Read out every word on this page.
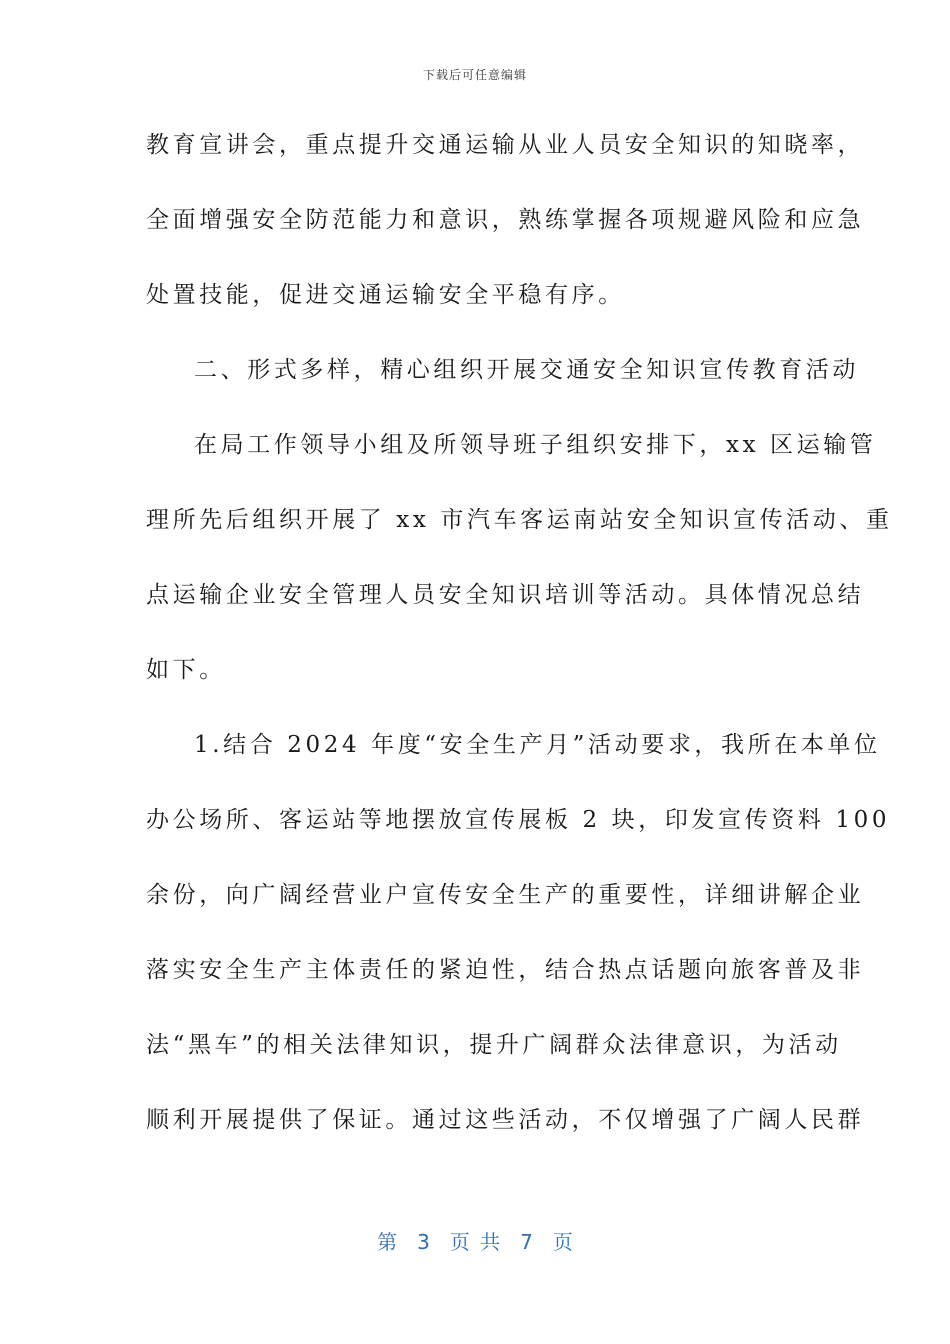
下载后可任意编辑
教育宣讲会，重点提升交通运输从业人员安全知识的知晓率，
全面增强安全防范能力和意识，熟练掌握各项规避风险和应急
处置技能，促进交通运输安全平稳有序。
二、形式多样，精心组织开展交通安全知识宣传教育活动
在局工作领导小组及所领导班子组织安排下，xx 区运输管
理所先后组织开展了 xx 市汽车客运南站安全知识宣传活动、重
点运输企业安全管理人员安全知识培训等活动。具体情况总结
如下。
1.结合 2024 年度“安全生产月”活动要求，我所在本单位
办公场所、客运站等地摆放宣传展板 2 块，印发宣传资料 100
余份，向广阔经营业户宣传安全生产的重要性，详细讲解企业
落实安全生产主体责任的紧迫性，结合热点话题向旅客普及非
法“黑车”的相关法律知识，提升广阔群众法律意识，为活动
顺利开展提供了保证。通过这些活动，不仅增强了广阔人民群
第 3 页 共 7 页
